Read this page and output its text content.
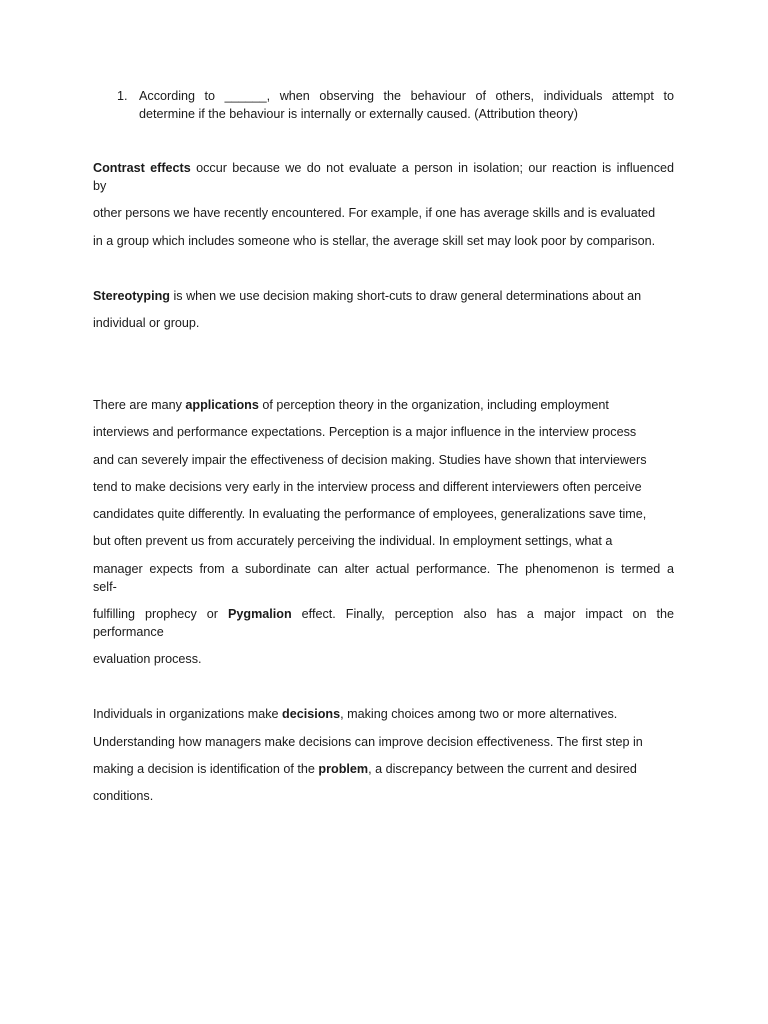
1. According to ______, when observing the behaviour of others, individuals attempt to
determine if the behaviour is internally or externally caused. (Attribution theory)
Contrast effects occur because we do not evaluate a person in isolation; our reaction is influenced
by
other persons we have recently encountered. For example, if one has average skills and is evaluated
in a group which includes someone who is stellar, the average skill set may look poor by comparison.
Stereotyping is when we use decision making short-cuts to draw general determinations about an
individual or group.
There are many applications of perception theory in the organization, including employment
interviews and performance expectations. Perception is a major influence in the interview process
and can severely impair the effectiveness of decision making. Studies have shown that interviewers
tend to make decisions very early in the interview process and different interviewers often perceive
candidates quite differently. In evaluating the performance of employees, generalizations save time,
but often prevent us from accurately perceiving the individual. In employment settings, what a
manager expects from a subordinate can alter actual performance. The phenomenon is termed a
self-
fulfilling prophecy or Pygmalion effect. Finally, perception also has a major impact on the
performance
evaluation process.
Individuals in organizations make decisions, making choices among two or more alternatives.
Understanding how managers make decisions can improve decision effectiveness. The first step in
making a decision is identification of the problem, a discrepancy between the current and desired
conditions.
